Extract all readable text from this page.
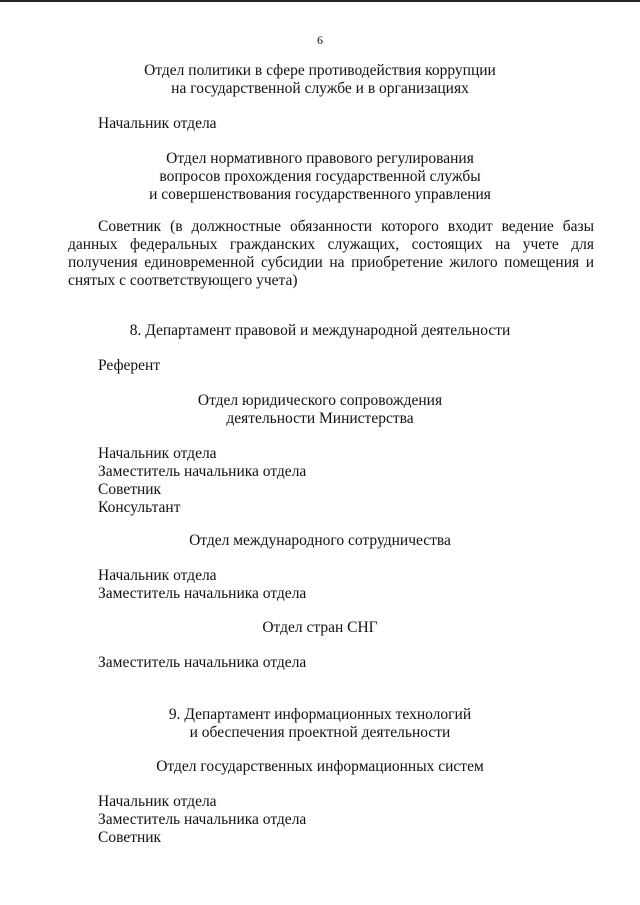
6
Отдел политики в сфере противодействия коррупции
на государственной службе и в организациях
Начальник отдела
Отдел нормативного правового регулирования
вопросов прохождения государственной службы
и совершенствования государственного управления
Советник (в должностные обязанности которого входит ведение базы данных федеральных гражданских служащих, состоящих на учете для получения единовременной субсидии на приобретение жилого помещения и снятых с соответствующего учета)
8. Департамент правовой и международной деятельности
Референт
Отдел юридического сопровождения
деятельности Министерства
Начальник отдела
Заместитель начальника отдела
Советник
Консультант
Отдел международного сотрудничества
Начальник отдела
Заместитель начальника отдела
Отдел стран СНГ
Заместитель начальника отдела
9. Департамент информационных технологий
и обеспечения проектной деятельности
Отдел государственных информационных систем
Начальник отдела
Заместитель начальника отдела
Советник
